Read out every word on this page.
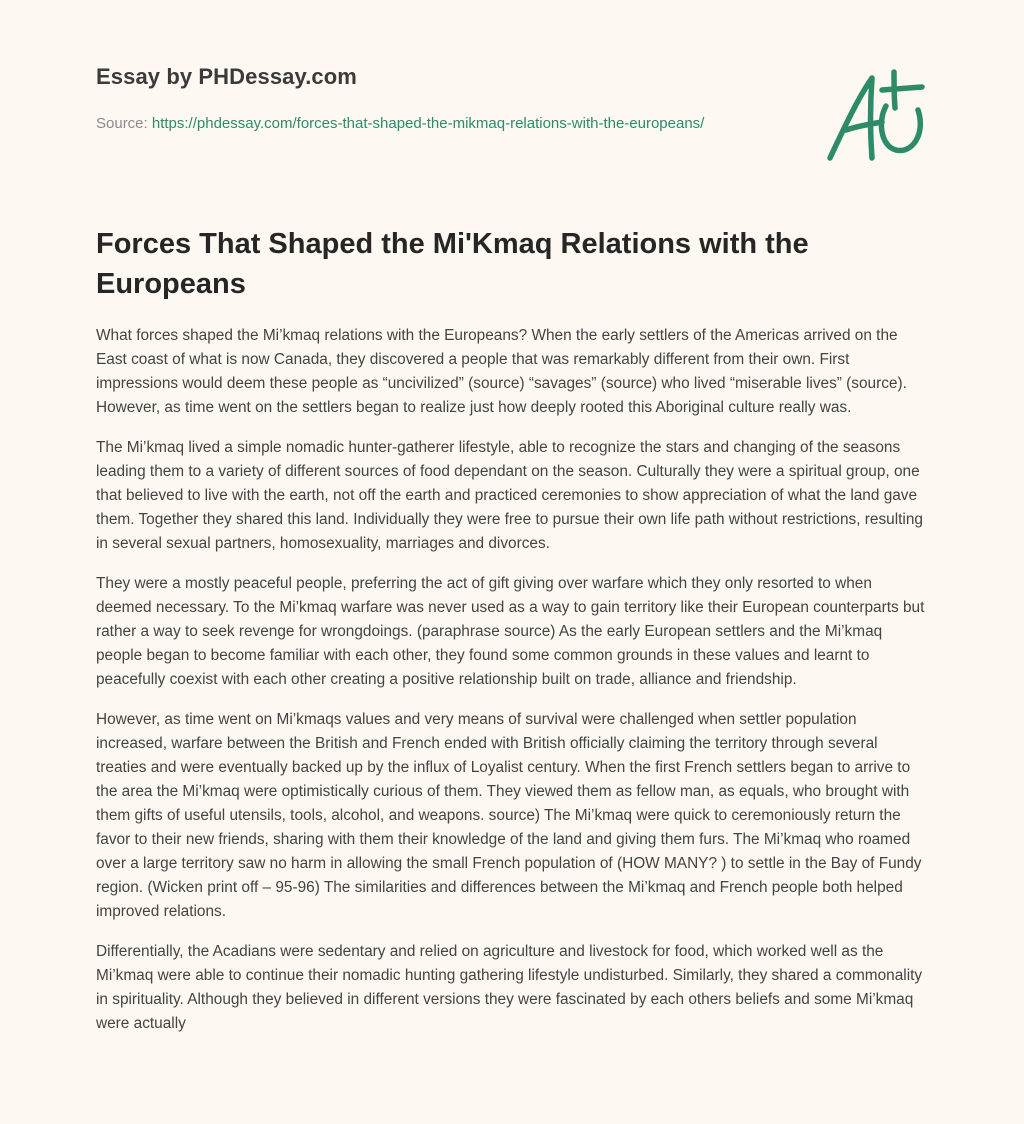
Essay by PHDessay.com
Source: https://phdessay.com/forces-that-shaped-the-mikmaq-relations-with-the-europeans/
Forces That Shaped the Mi'Kmaq Relations with the Europeans

What forces shaped the Mi’kmaq relations with the Europeans? When the early settlers of the Americas arrived on the East coast of what is now Canada, they discovered a people that was remarkably different from their own. First impressions would deem these people as “uncivilized” (source) “savages” (source) who lived “miserable lives” (source). However, as time went on the settlers began to realize just how deeply rooted this Aboriginal culture really was.

The Mi’kmaq lived a simple nomadic hunter-gatherer lifestyle, able to recognize the stars and changing of the seasons leading them to a variety of different sources of food dependant on the season. Culturally they were a spiritual group, one that believed to live with the earth, not off the earth and practiced ceremonies to show appreciation of what the land gave them. Together they shared this land. Individually they were free to pursue their own life path without restrictions, resulting in several sexual partners, homosexuality, marriages and divorces.

They were a mostly peaceful people, preferring the act of gift giving over warfare which they only resorted to when deemed necessary. To the Mi’kmaq warfare was never used as a way to gain territory like their European counterparts but rather a way to seek revenge for wrongdoings. (paraphrase source) As the early European settlers and the Mi’kmaq people began to become familiar with each other, they found some common grounds in these values and learnt to peacefully coexist with each other creating a positive relationship built on trade, alliance and friendship.

However, as time went on Mi’kmaqs values and very means of survival were challenged when settler population increased, warfare between the British and French ended with British officially claiming the territory through several treaties and were eventually backed up by the influx of Loyalist century. When the first French settlers began to arrive to the area the Mi’kmaq were optimistically curious of them. They viewed them as fellow man, as equals, who brought with them gifts of useful utensils, tools, alcohol, and weapons. source) The Mi’kmaq were quick to ceremoniously return the favor to their new friends, sharing with them their knowledge of the land and giving them furs. The Mi’kmaq who roamed over a large territory saw no harm in allowing the small French population of (HOW MANY? ) to settle in the Bay of Fundy region. (Wicken print off – 95-96) The similarities and differences between the Mi’kmaq and French people both helped improved relations.

Differentially, the Acadians were sedentary and relied on agriculture and livestock for food, which worked well as the Mi’kmaq were able to continue their nomadic hunting gathering lifestyle undisturbed. Similarly, they shared a commonality in spirituality. Although they believed in different versions they were fascinated by each others beliefs and some Mi’kmaq were actually
